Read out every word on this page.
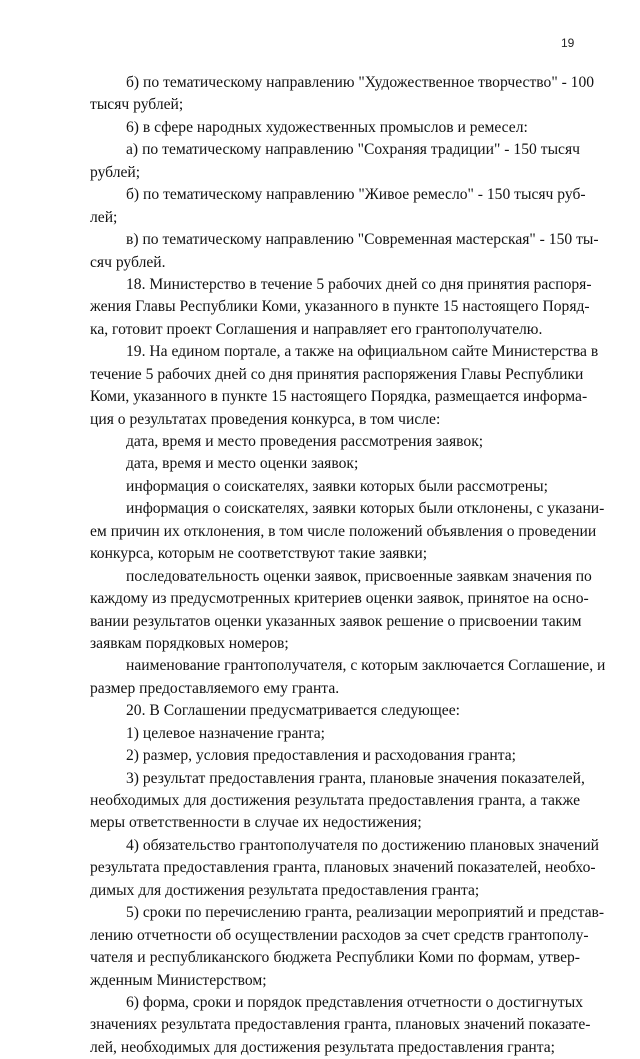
19
б) по тематическому направлению "Художественное творчество" - 100
тысяч рублей;
6) в сфере народных художественных промыслов и ремесел:
а) по тематическому направлению "Сохраняя традиции" - 150 тысяч
рублей;
б) по тематическому направлению "Живое ремесло" - 150 тысяч руб-
лей;
в) по тематическому направлению "Современная мастерская" - 150 ты-
сяч рублей.
18. Министерство в течение 5 рабочих дней со дня принятия распоря-
жения Главы Республики Коми, указанного в пункте 15 настоящего Поряд-
ка, готовит проект Соглашения и направляет его грантополучателю.
19. На едином портале, а также на официальном сайте Министерства в
течение 5 рабочих дней со дня принятия распоряжения Главы Республики
Коми, указанного в пункте 15 настоящего Порядка, размещается информа-
ция о результатах проведения конкурса, в том числе:
дата, время и место проведения рассмотрения заявок;
дата, время и место оценки заявок;
информация о соискателях, заявки которых были рассмотрены;
информация о соискателях, заявки которых были отклонены, с указани-
ем причин их отклонения, в том числе положений объявления о проведении
конкурса, которым не соответствуют такие заявки;
последовательность оценки заявок, присвоенные заявкам значения по
каждому из предусмотренных критериев оценки заявок, принятое на осно-
вании результатов оценки указанных заявок решение о присвоении таким
заявкам порядковых номеров;
наименование грантополучателя, с которым заключается Соглашение, и
размер предоставляемого ему гранта.
20. В Соглашении предусматривается следующее:
1) целевое назначение гранта;
2) размер, условия предоставления и расходования гранта;
3) результат предоставления гранта, плановые значения показателей,
необходимых для достижения результата предоставления гранта, а также
меры ответственности в случае их недостижения;
4) обязательство грантополучателя по достижению плановых значений
результата предоставления гранта, плановых значений показателей, необхо-
димых для достижения результата предоставления гранта;
5) сроки по перечислению гранта, реализации мероприятий и представ-
лению отчетности об осуществлении расходов за счет средств грантополу-
чателя и республиканского бюджета Республики Коми по формам, утвер-
жденным Министерством;
6) форма, сроки и порядок представления отчетности о достигнутых
значениях результата предоставления гранта, плановых значений показате-
лей, необходимых для достижения результата предоставления гранта;
